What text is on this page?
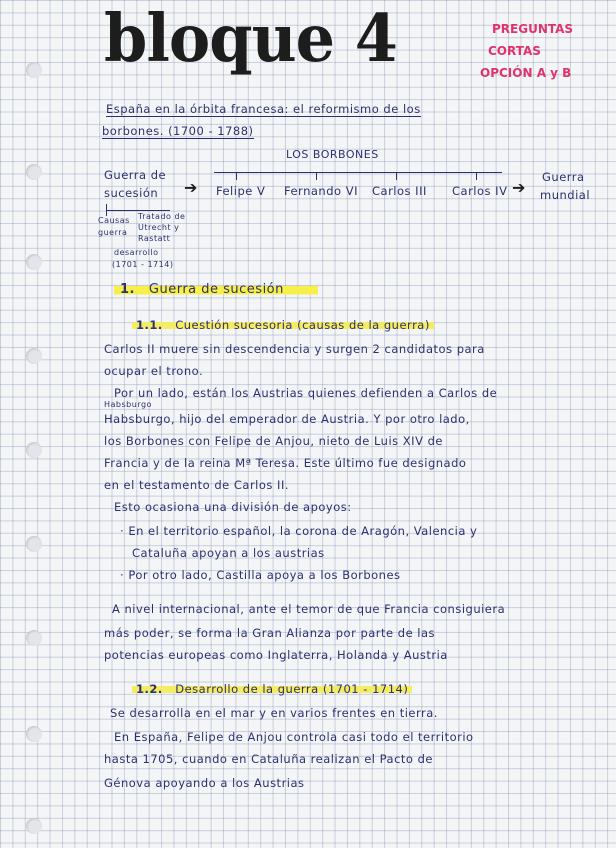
bloque 4	PREGUNTAS
CORTAS
OPCIÓN A y B
España en la órbita francesa: el reformismo de los
borbones. (1700 - 1788)
LOS BORBONES
Guerra de
sucesión ➔ Felipe V Fernando VI Carlos III Carlos IV ➔
Guerra
mundial
Causas
guerra
Tratado de
Utrecht y
Rastatt
desarrollo
(1701 - 1714)
1. Guerra de sucesión
1.1. Cuestión sucesoria (causas de la guerra)
Carlos II muere sin descendencia y surgen 2 candidatos para
ocupar el trono.
Por un lado, están los Austrias quienes defienden a Carlos de
Habsburgo
Habsburgo, hijo del emperador de Austria. Y por otro lado,
los Borbones con Felipe de Anjou, nieto de Luis XIV de
Francia y de la reina Mª Teresa. Este último fue designado
en el testamento de Carlos II.
Esto ocasiona una división de apoyos:
· En el territorio español, la corona de Aragón, Valencia y
Cataluña apoyan a los austrias
· Por otro lado, Castilla apoya a los Borbones
A nivel internacional, ante el temor de que Francia consiguiera
más poder, se forma la Gran Alianza por parte de las
potencias europeas como Inglaterra, Holanda y Austria
1.2. Desarrollo de la guerra (1701 - 1714)
Se desarrolla en el mar y en varios frentes en tierra.
En España, Felipe de Anjou controla casi todo el territorio
hasta 1705, cuando en Cataluña realizan el Pacto de
Génova apoyando a los Austrias
